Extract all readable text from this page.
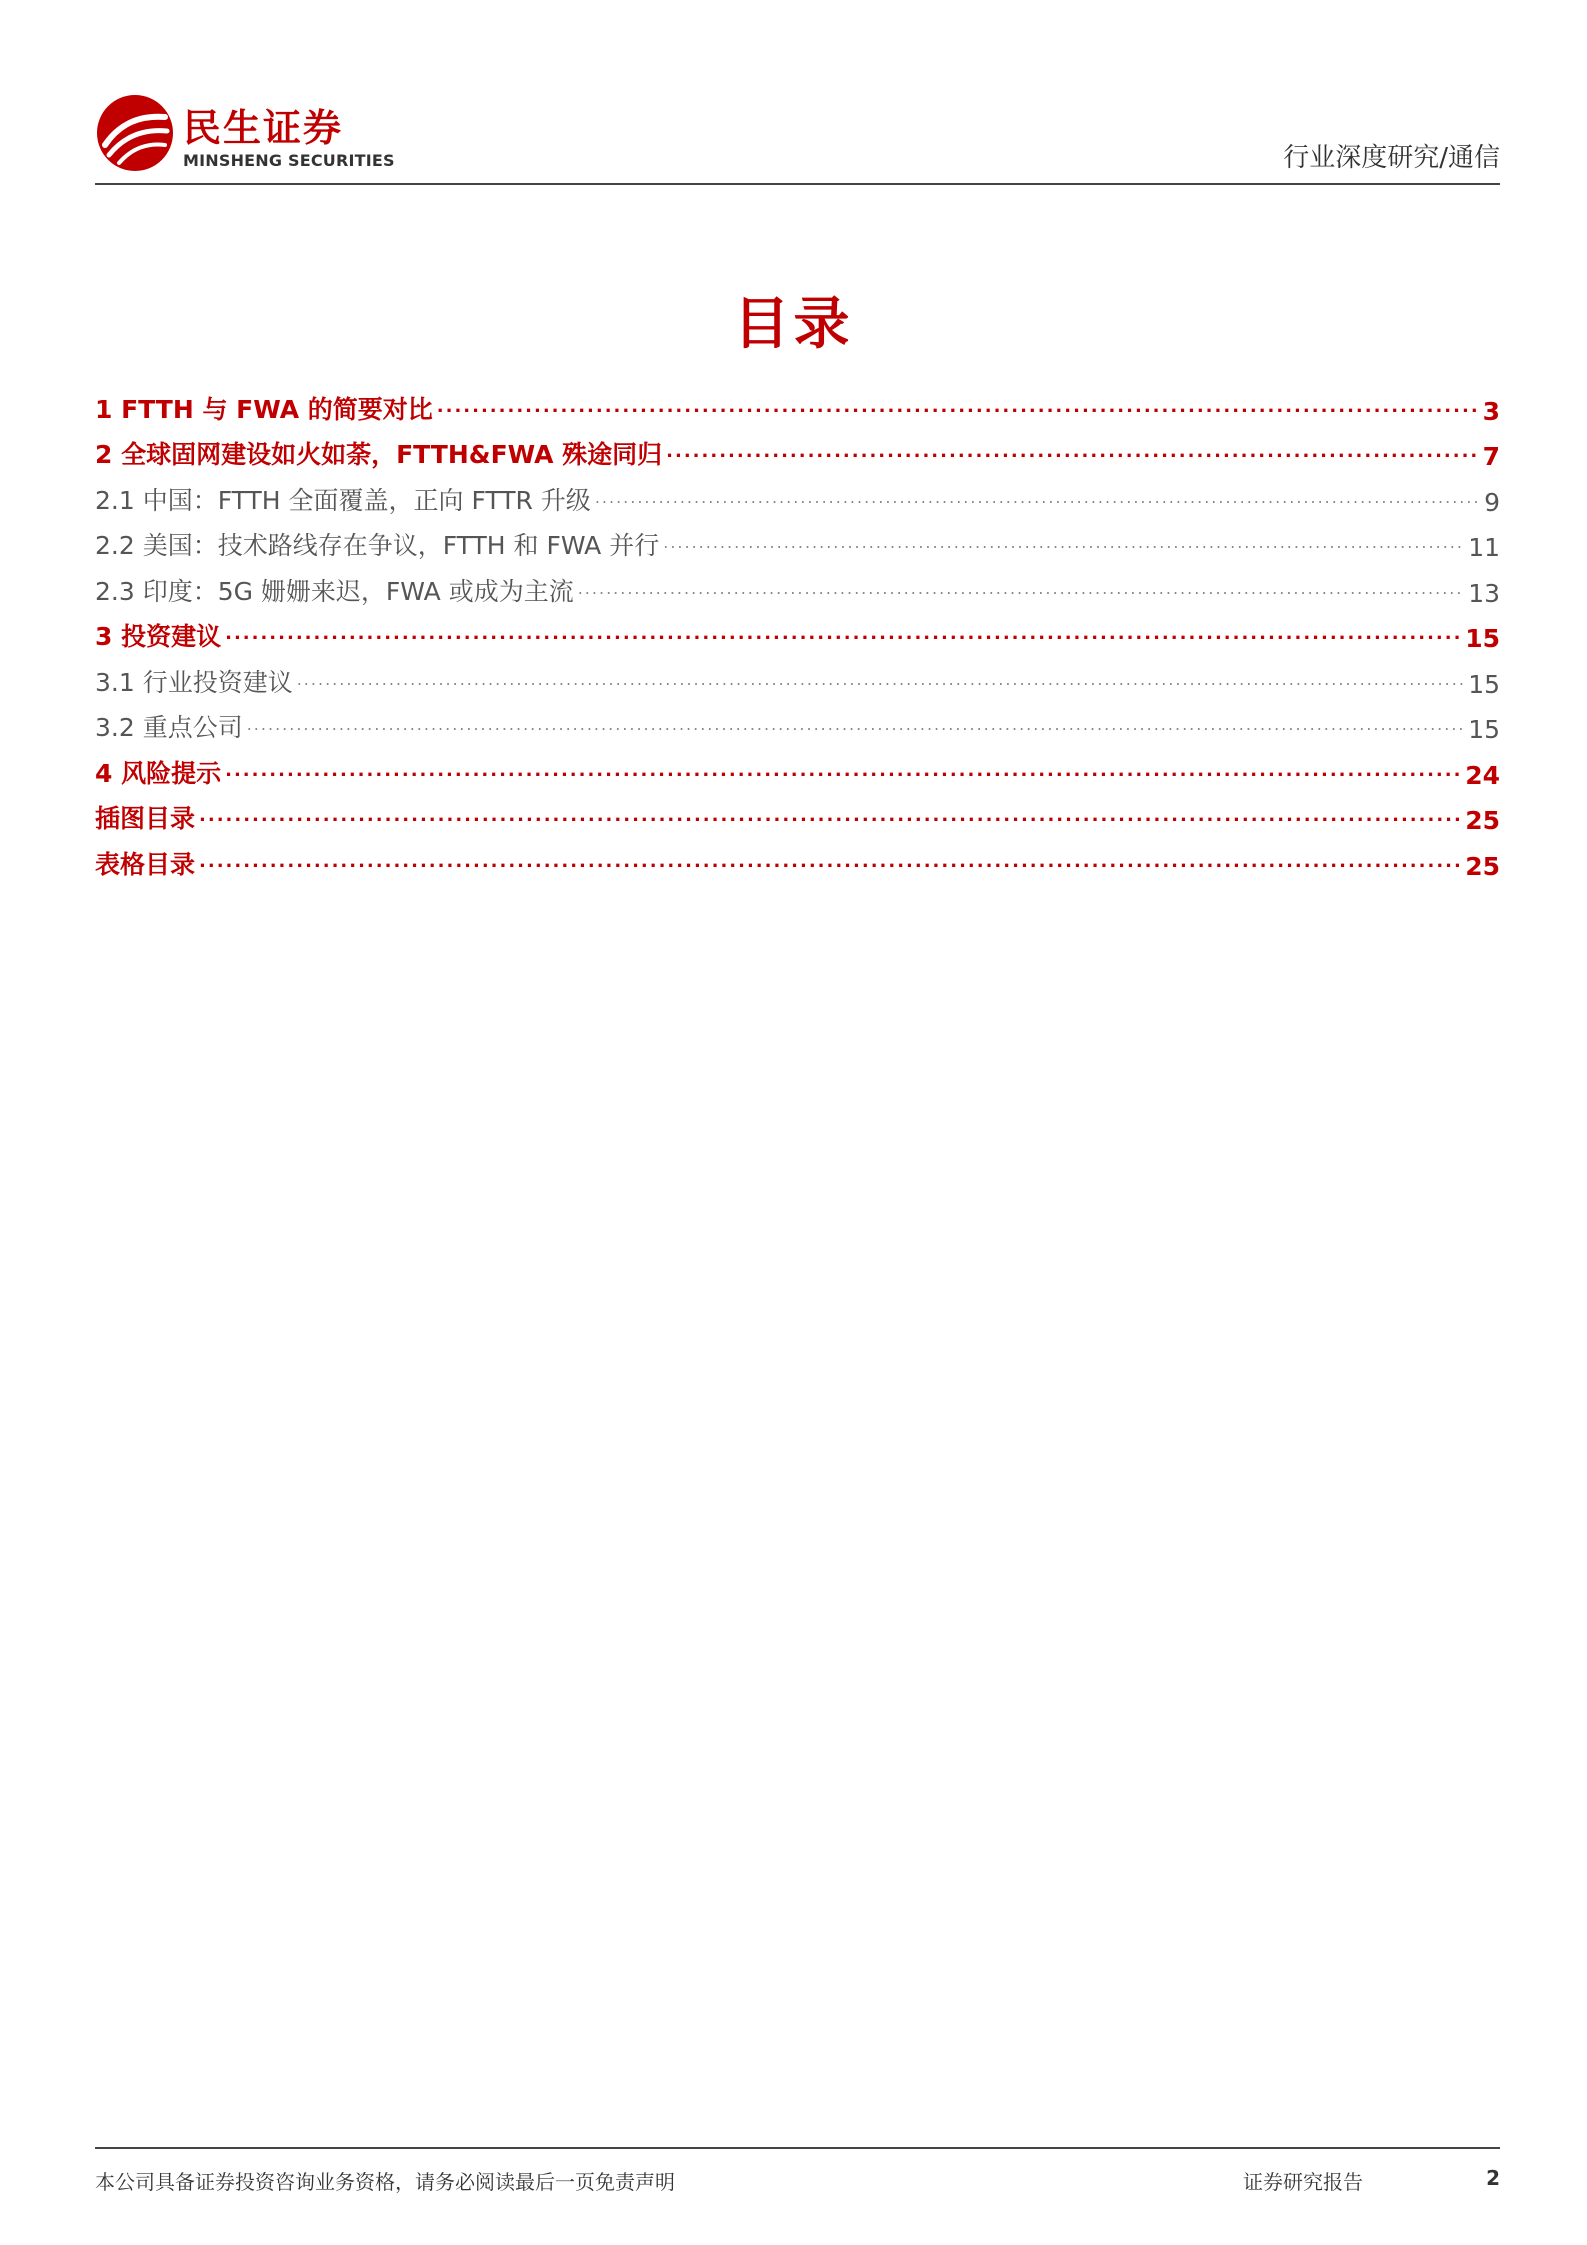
民生证券
MINSHENG SECURITIES	行业深度研究/通信
目录
1 FTTH 与 FWA 的简要对比 .....	3
2 全球固网建设如火如荼，FTTH&FWA 殊途同归 .....	7
2.1 中国：FTTH 全面覆盖，正向 FTTR 升级 .....	9
2.2 美国：技术路线存在争议，FTTH 和 FWA 并行 .....	11
2.3 印度：5G 姗姗来迟，FWA 或成为主流 .....	13
3 投资建议 .....	15
3.1 行业投资建议 .....	15
3.2 重点公司 .....	15
4 风险提示 .....	24
插图目录 .....	25
表格目录 .....	25
本公司具备证券投资咨询业务资格，请务必阅读最后一页免责声明	证券研究报告	2
